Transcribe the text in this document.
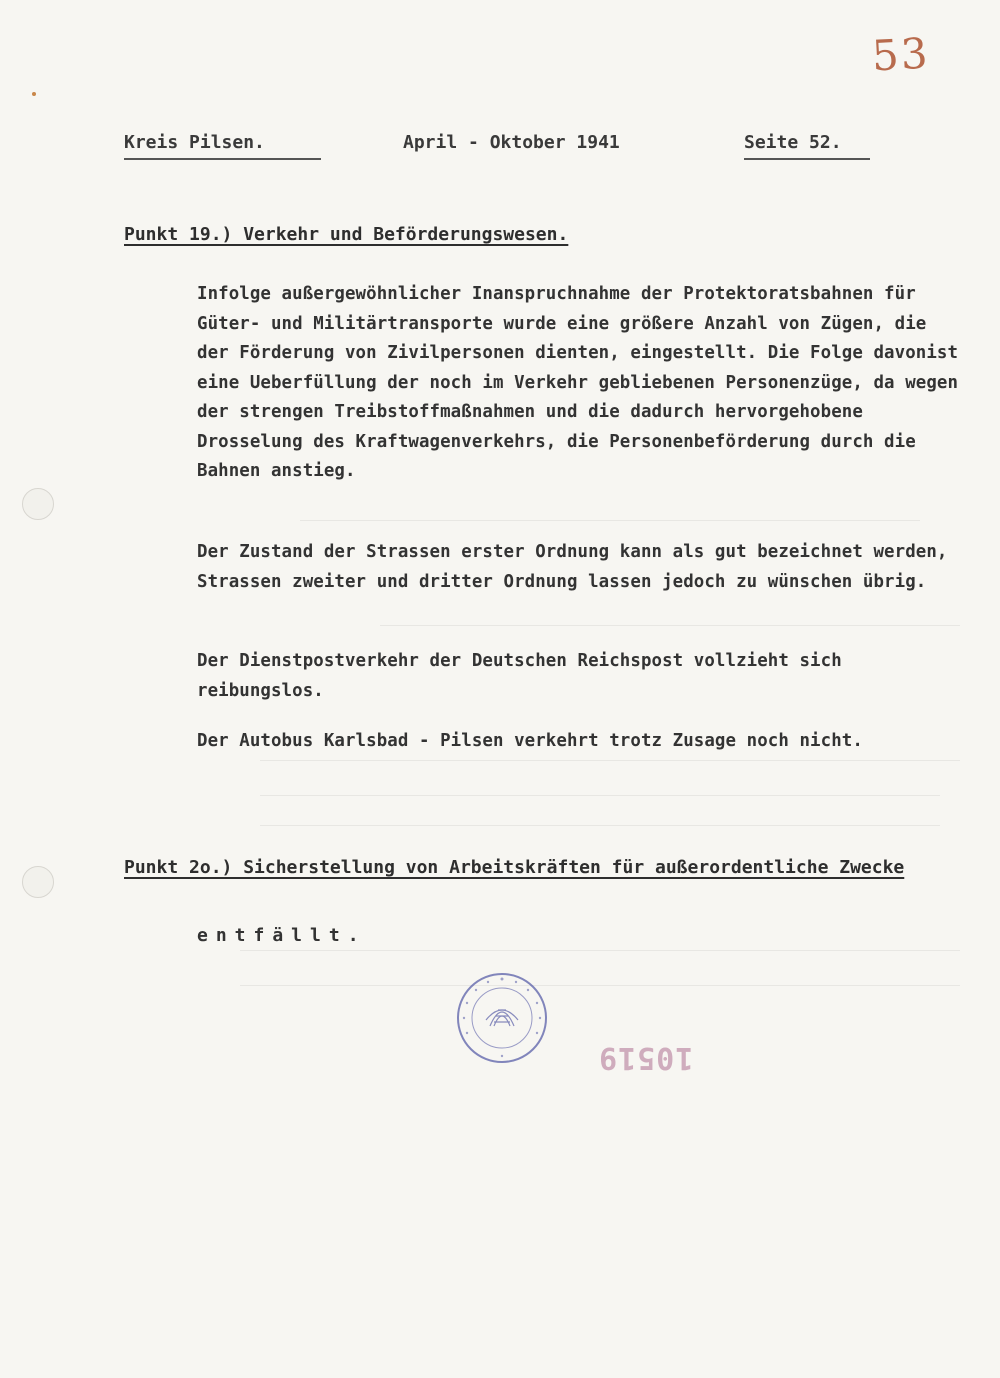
53
Kreis Pilsen.	April - Oktober 1941	Seite 52.
Punkt 19.) Verkehr und Beförderungswesen.

Infolge außergewöhnlicher Inanspruchnahme der Protektoratsbahnen für Güter- und Militärtransporte wurde eine größere Anzahl von Zügen, die der Förderung von Zivilpersonen dienten, eingestellt. Die Folge davonist eine Ueberfüllung der noch im Verkehr gebliebenen Personenzüge, da wegen der strengen Treibstoffmaßnahmen und die dadurch hervorgehobene Drosselung des Kraftwagenverkehrs, die Personenbeförderung durch die Bahnen anstieg.

Der Zustand der Strassen erster Ordnung kann als gut bezeichnet werden, Strassen zweiter und dritter Ordnung lassen jedoch zu wünschen übrig.

Der Dienstpostverkehr der Deutschen Reichspost vollzieht sich reibungslos.

Der Autobus Karlsbad - Pilsen verkehrt trotz Zusage noch nicht.

Punkt 2o.) Sicherstellung von Arbeitskräften für außerordentliche Zwecke
entfällt.
10519
